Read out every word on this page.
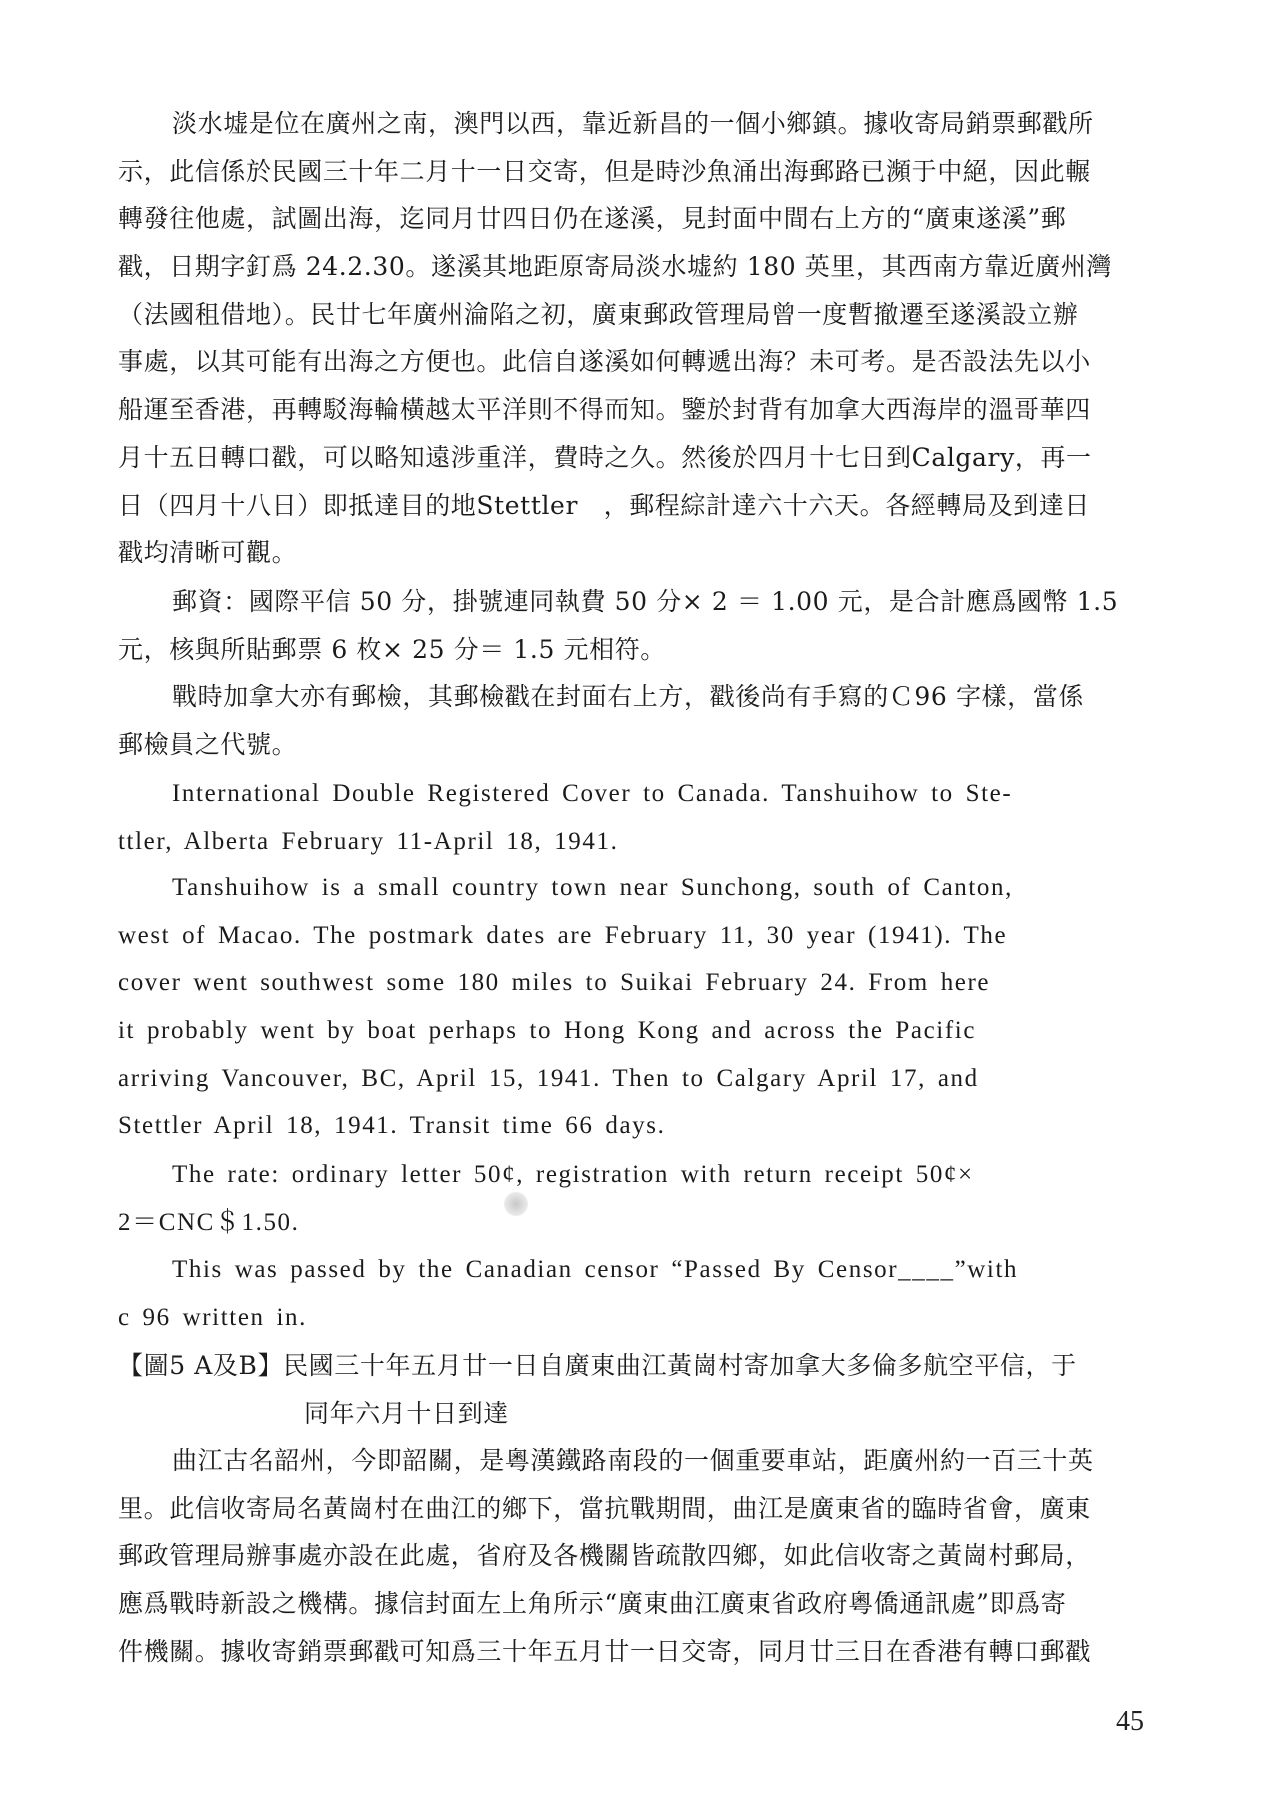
淡水墟是位在廣州之南，澳門以西，靠近新昌的一個小鄉鎮。據收寄局銷票郵戳所
示，此信係於民國三十年二月十一日交寄，但是時沙魚涌出海郵路已瀕于中絕，因此輾
轉發往他處，試圖出海，迄同月廿四日仍在遂溪，見封面中間右上方的“廣東遂溪”郵
戳，日期字釘爲 24.2.30。遂溪其地距原寄局淡水墟約 180 英里，其西南方靠近廣州灣
（法國租借地）。民廿七年廣州淪陷之初，廣東郵政管理局曾一度暫撤遷至遂溪設立辦
事處，以其可能有出海之方便也。此信自遂溪如何轉遞出海？未可考。是否設法先以小
船運至香港，再轉駁海輪橫越太平洋則不得而知。鑒於封背有加拿大西海岸的溫哥華四
月十五日轉口戳，可以略知遠涉重洋，費時之久。然後於四月十七日到Calgary，再一
日（四月十八日）即抵達目的地Stettler　，郵程綜計達六十六天。各經轉局及到達日
戳均清晰可觀。
郵資：國際平信 50 分，掛號連同執費 50 分× 2 ＝ 1.00 元，是合計應爲國幣 1.5
元，核與所貼郵票 6 枚× 25 分＝ 1.5 元相符。
戰時加拿大亦有郵檢，其郵檢戳在封面右上方，戳後尚有手寫的Ｃ96 字樣，當係
郵檢員之代號。
International Double Registered Cover to Canada. Tanshuihow to Ste-
ttler, Alberta February 11-April 18, 1941.
Tanshuihow is a small country town near Sunchong, south of Canton,
west of Macao. The postmark dates are February 11, 30 year (1941). The
cover went southwest some 180 miles to Suikai February 24. From here
it probably went by boat perhaps to Hong Kong and across the Pacific
arriving Vancouver, BC, April 15, 1941. Then to Calgary April 17, and
Stettler April 18, 1941. Transit time 66 days.
The rate: ordinary letter 50¢, registration with return receipt 50¢×
2＝CNC＄1.50.
This was passed by the Canadian censor “Passed By Censor____”with
c 96 written in.
【圖5 A及B】民國三十年五月廿一日自廣東曲江黃崗村寄加拿大多倫多航空平信，于
同年六月十日到達
曲江古名韶州，今即韶關，是粵漢鐵路南段的一個重要車站，距廣州約一百三十英
里。此信收寄局名黃崗村在曲江的鄉下，當抗戰期間，曲江是廣東省的臨時省會，廣東
郵政管理局辦事處亦設在此處，省府及各機關皆疏散四鄉，如此信收寄之黃崗村郵局，
應爲戰時新設之機構。據信封面左上角所示“廣東曲江廣東省政府粵僑通訊處”即爲寄
件機關。據收寄銷票郵戳可知爲三十年五月廿一日交寄，同月廿三日在香港有轉口郵戳
45
